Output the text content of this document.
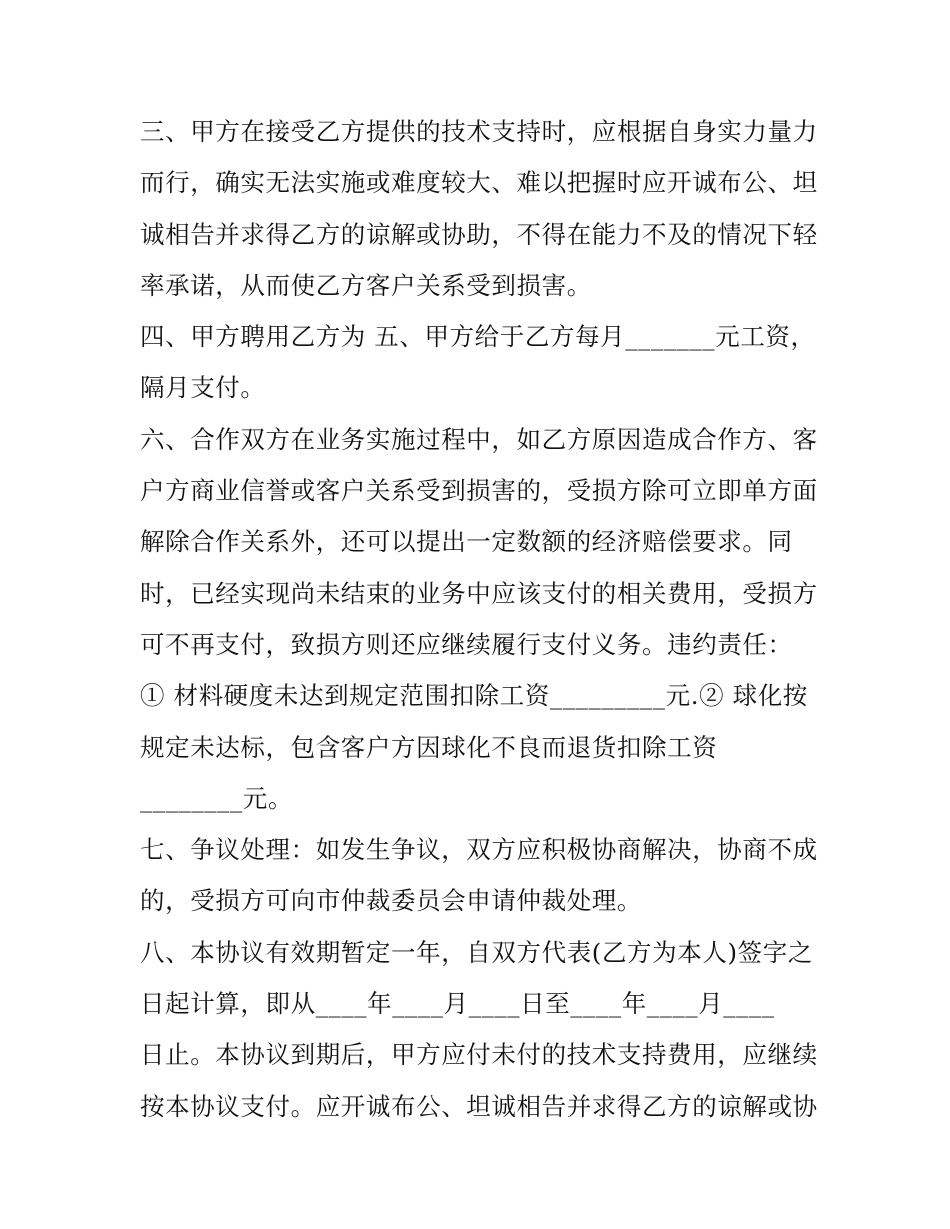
三、甲方在接受乙方提供的技术支持时，应根据自身实力量力
而行，确实无法实施或难度较大、难以把握时应开诚布公、坦
诚相告并求得乙方的谅解或协助，不得在能力不及的情况下轻
率承诺，从而使乙方客户关系受到损害。
四、甲方聘用乙方为 五、甲方给于乙方每月_______元工资，
隔月支付。
六、合作双方在业务实施过程中，如乙方原因造成合作方、客
户方商业信誉或客户关系受到损害的，受损方除可立即单方面
解除合作关系外，还可以提出一定数额的经济赔偿要求。同
时，已经实现尚未结束的业务中应该支付的相关费用，受损方
可不再支付，致损方则还应继续履行支付义务。违约责任：
① 材料硬度未达到规定范围扣除工资_________元.② 球化按
规定未达标，包含客户方因球化不良而退货扣除工资
________元。
七、争议处理：如发生争议，双方应积极协商解决，协商不成
的，受损方可向市仲裁委员会申请仲裁处理。
八、本协议有效期暂定一年，自双方代表(乙方为本人)签字之
日起计算，即从____年____月____日至____年____月____
日止。本协议到期后，甲方应付未付的技术支持费用，应继续
按本协议支付。应开诚布公、坦诚相告并求得乙方的谅解或协
